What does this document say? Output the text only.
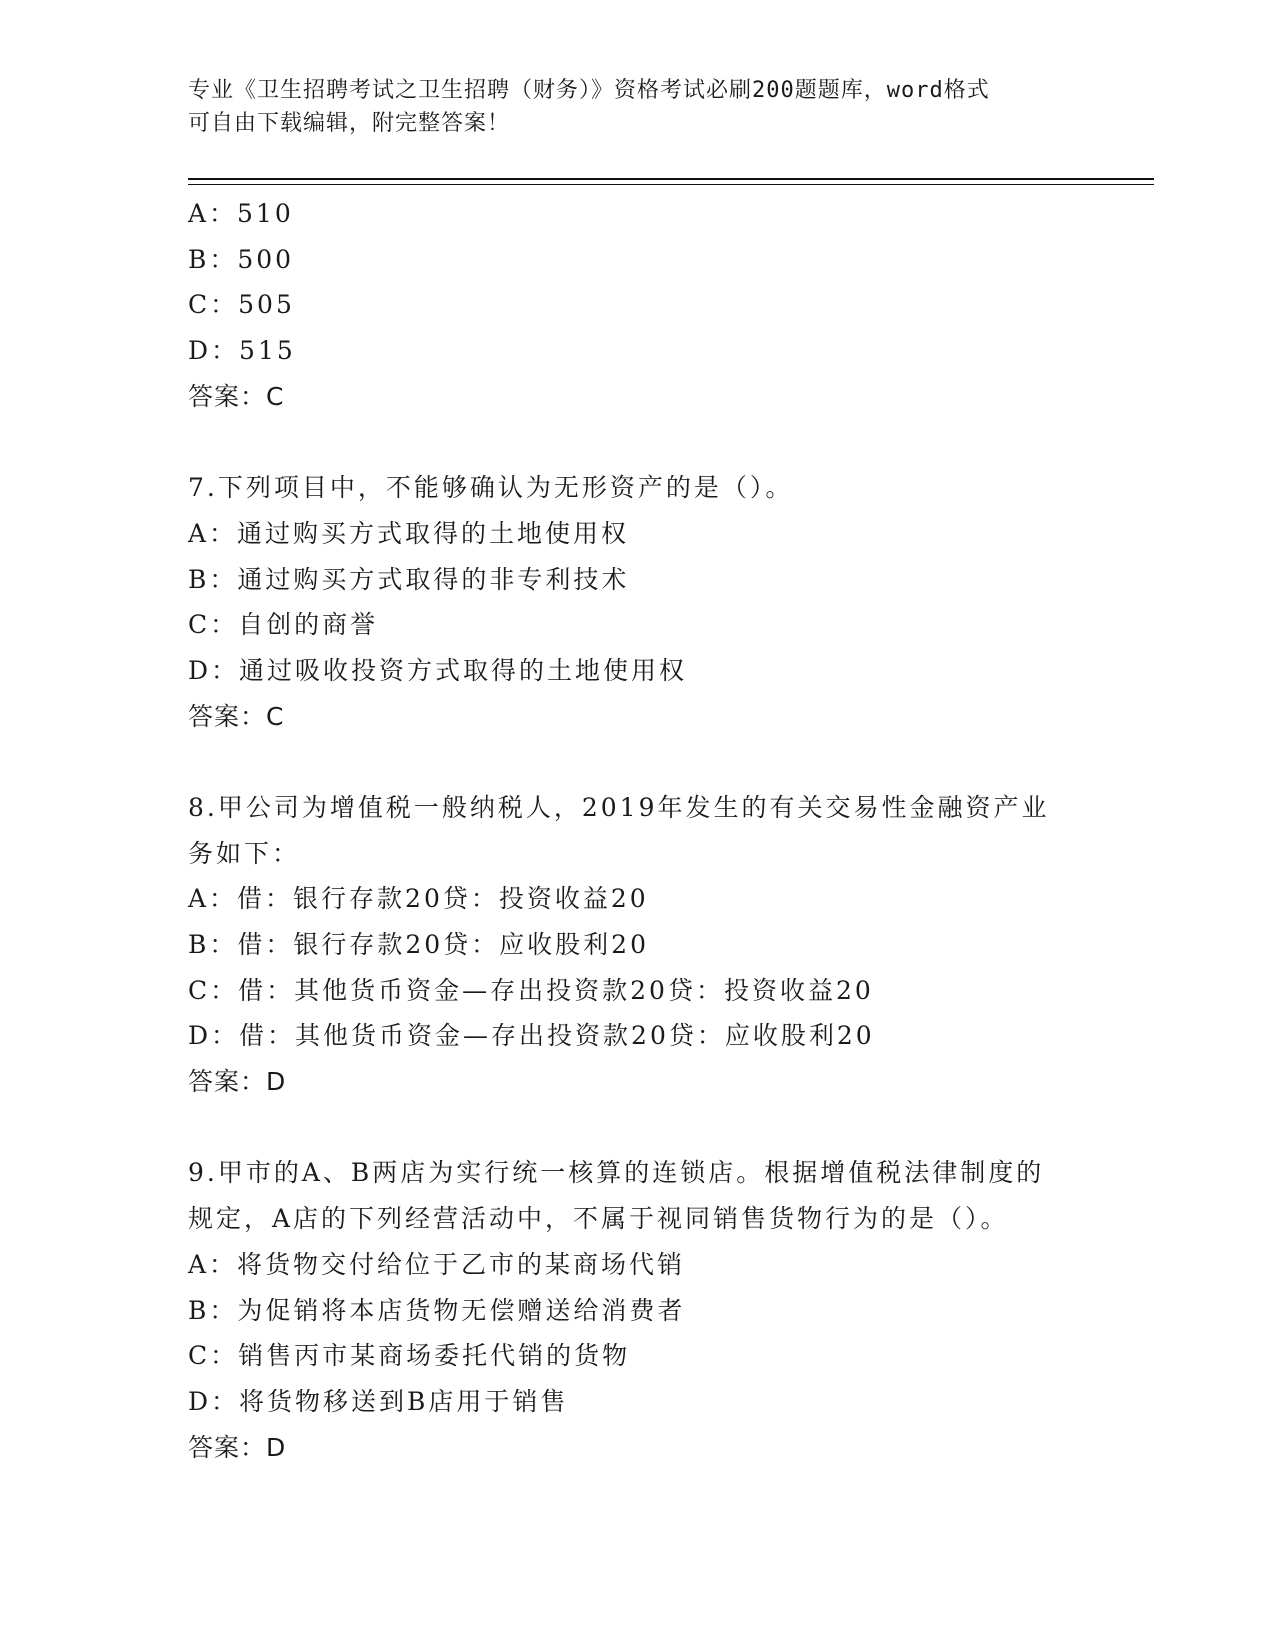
专业《卫生招聘考试之卫生招聘（财务）》资格考试必刷200题题库，word格式
可自由下载编辑，附完整答案！
A：510
B：500
C：505
D：515
答案：C
7.下列项目中，不能够确认为无形资产的是（）。
A：通过购买方式取得的土地使用权
B：通过购买方式取得的非专利技术
C：自创的商誉
D：通过吸收投资方式取得的土地使用权
答案：C
8.甲公司为增值税一般纳税人，2019年发生的有关交易性金融资产业
务如下：
A：借：银行存款20贷：投资收益20
B：借：银行存款20贷：应收股利20
C：借：其他货币资金—存出投资款20贷：投资收益20
D：借：其他货币资金—存出投资款20贷：应收股利20
答案：D
9.甲市的A、B两店为实行统一核算的连锁店。根据增值税法律制度的
规定，A店的下列经营活动中，不属于视同销售货物行为的是（）。
A：将货物交付给位于乙市的某商场代销
B：为促销将本店货物无偿赠送给消费者
C：销售丙市某商场委托代销的货物
D：将货物移送到B店用于销售
答案：D
